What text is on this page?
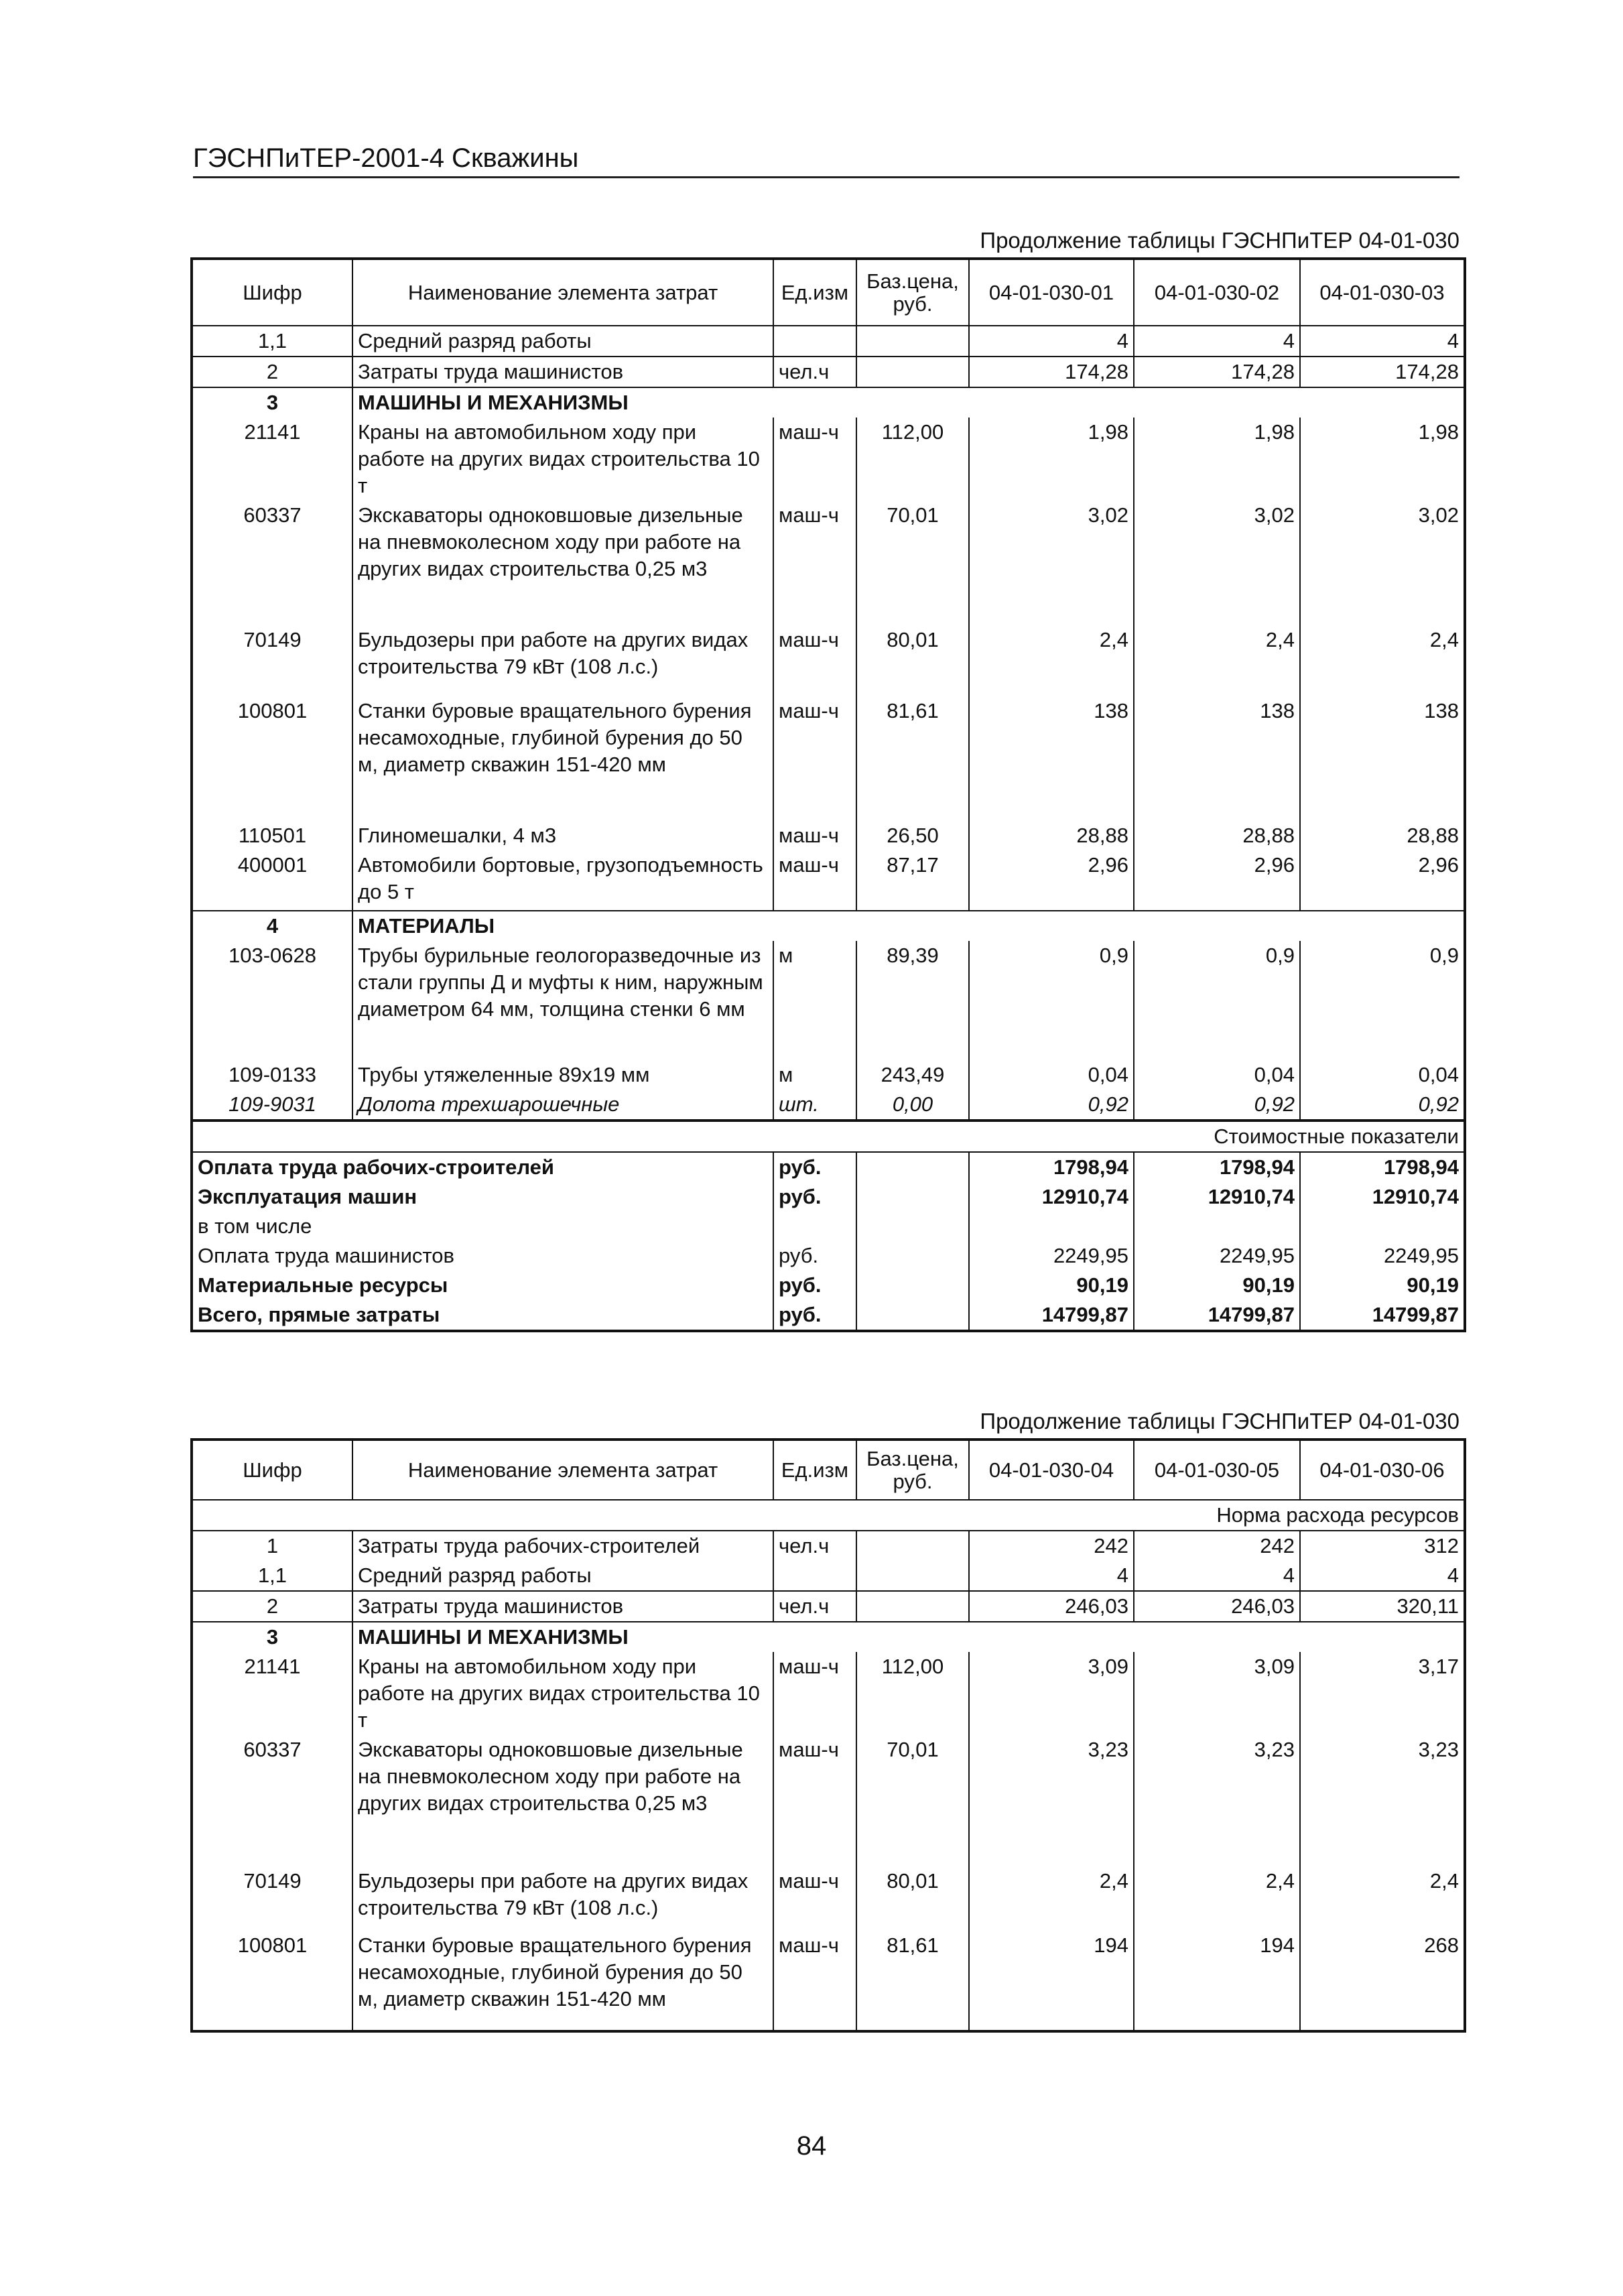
ГЭСНПиТЕР-2001-4 Скважины
Продолжение таблицы ГЭСНПиТЕР 04-01-030
Шифр	Наименование элемента затрат	Ед.изм	Баз.цена, руб.	04-01-030-01	04-01-030-02	04-01-030-03
1,1	Средний разряд работы			4	4	4
2	Затраты труда машинистов	чел.ч		174,28	174,28	174,28
3	МАШИНЫ И МЕХАНИЗМЫ					
21141	Краны на автомобильном ходу при работе на других видах строительства 10 т	маш-ч	112,00	1,98	1,98	1,98
60337	Экскаваторы одноковшовые дизельные на пневмоколесном ходу при работе на других видах строительства 0,25 м3	маш-ч	70,01	3,02	3,02	3,02
70149	Бульдозеры при работе на других видах строительства 79 кВт (108 л.с.)	маш-ч	80,01	2,4	2,4	2,4
100801	Станки буровые вращательного бурения несамоходные, глубиной бурения до 50 м, диаметр скважин 151-420 мм	маш-ч	81,61	138	138	138
110501	Глиномешалки, 4 м3	маш-ч	26,50	28,88	28,88	28,88
400001	Автомобили бортовые, грузоподъемность до 5 т	маш-ч	87,17	2,96	2,96	2,96
4	МАТЕРИАЛЫ					
103-0628	Трубы бурильные геологоразведочные из стали группы Д и муфты к ним, наружным диаметром 64 мм, толщина стенки 6 мм	м	89,39	0,9	0,9	0,9
109-0133	Трубы утяжеленные 89х19 мм	м	243,49	0,04	0,04	0,04
109-9031	Долота трехшарошечные	шт.	0,00	0,92	0,92	0,92
Стоимостные показатели						
Оплата труда рабочих-строителей		руб.		1798,94	1798,94	1798,94
Эксплуатация машин		руб.		12910,74	12910,74	12910,74
в том числе						
Оплата труда машинистов		руб.		2249,95	2249,95	2249,95
Материальные ресурсы		руб.		90,19	90,19	90,19
Всего, прямые затраты		руб.		14799,87	14799,87	14799,87
Продолжение таблицы ГЭСНПиТЕР 04-01-030
Шифр	Наименование элемента затрат	Ед.изм	Баз.цена, руб.	04-01-030-04	04-01-030-05	04-01-030-06
Норма расхода ресурсов						
1	Затраты труда рабочих-строителей	чел.ч		242	242	312
1,1	Средний разряд работы			4	4	4
2	Затраты труда машинистов	чел.ч		246,03	246,03	320,11
3	МАШИНЫ И МЕХАНИЗМЫ					
21141	Краны на автомобильном ходу при работе на других видах строительства 10 т	маш-ч	112,00	3,09	3,09	3,17
60337	Экскаваторы одноковшовые дизельные на пневмоколесном ходу при работе на других видах строительства 0,25 м3	маш-ч	70,01	3,23	3,23	3,23
70149	Бульдозеры при работе на других видах строительства 79 кВт (108 л.с.)	маш-ч	80,01	2,4	2,4	2,4
100801	Станки буровые вращательного бурения несамоходные, глубиной бурения до 50 м, диаметр скважин 151-420 мм	маш-ч	81,61	194	194	268
84
